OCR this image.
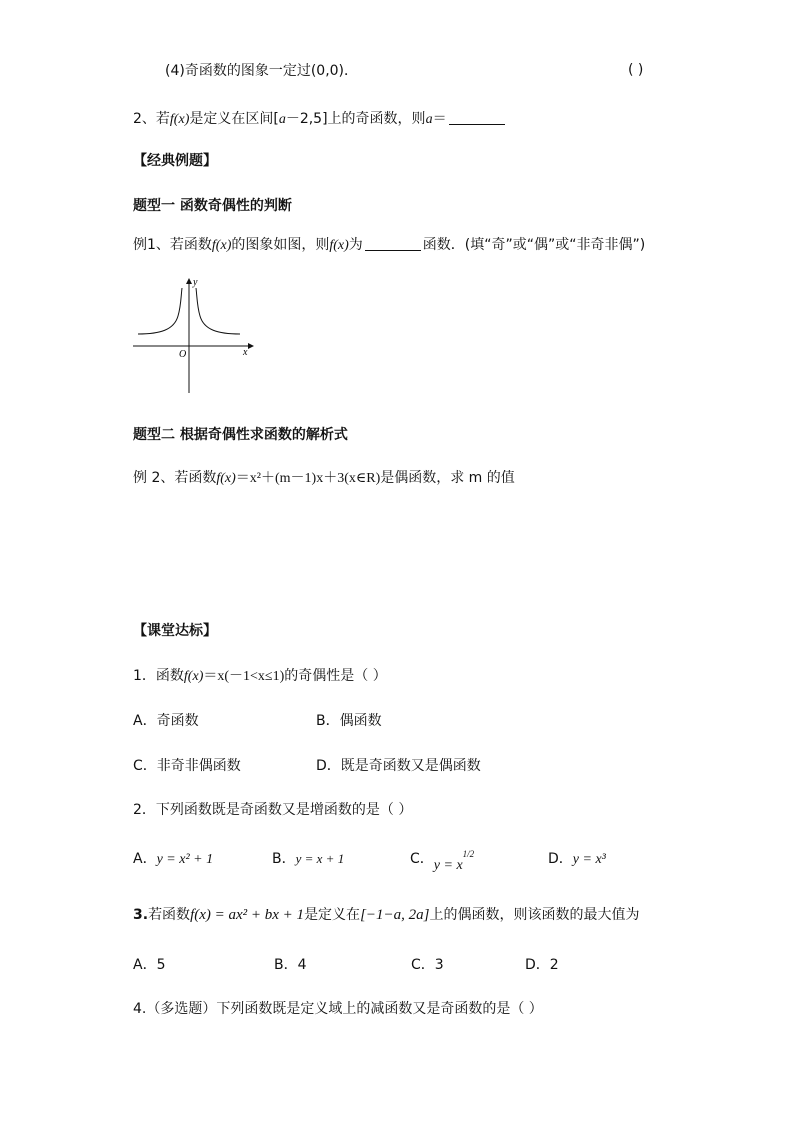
(4)奇函数的图象一定过(0,0)．	( )
2、若f(x)是定义在区间[a－2,5]上的奇函数，则a＝
【经典例题】
题型一 函数奇偶性的判断
例1、若函数f(x)的图象如图，则f(x)为	函数．(填“奇”或“偶”或“非奇非偶”)
y
x
O
题型二 根据奇偶性求函数的解析式
例 2、若函数f(x)＝x²＋(m－1)x＋3(x∈R)是偶函数，求 m 的值
【课堂达标】
1．函数f(x)＝x(－1<x≤1)的奇偶性是（ ）
A．奇函数	B．偶函数
C．非奇非偶函数	D．既是奇函数又是偶函数
2．下列函数既是奇函数又是增函数的是（ ）
A．y = x² + 1	B．y = x + 1	C．$y = x^{1/2}$	D．y = x³
3.若函数f(x) = ax² + bx + 1是定义在[−1−a, 2a]上的偶函数，则该函数的最大值为
A．5	B．4	C．3	D．2
4.（多选题）下列函数既是定义域上的减函数又是奇函数的是（ ）
